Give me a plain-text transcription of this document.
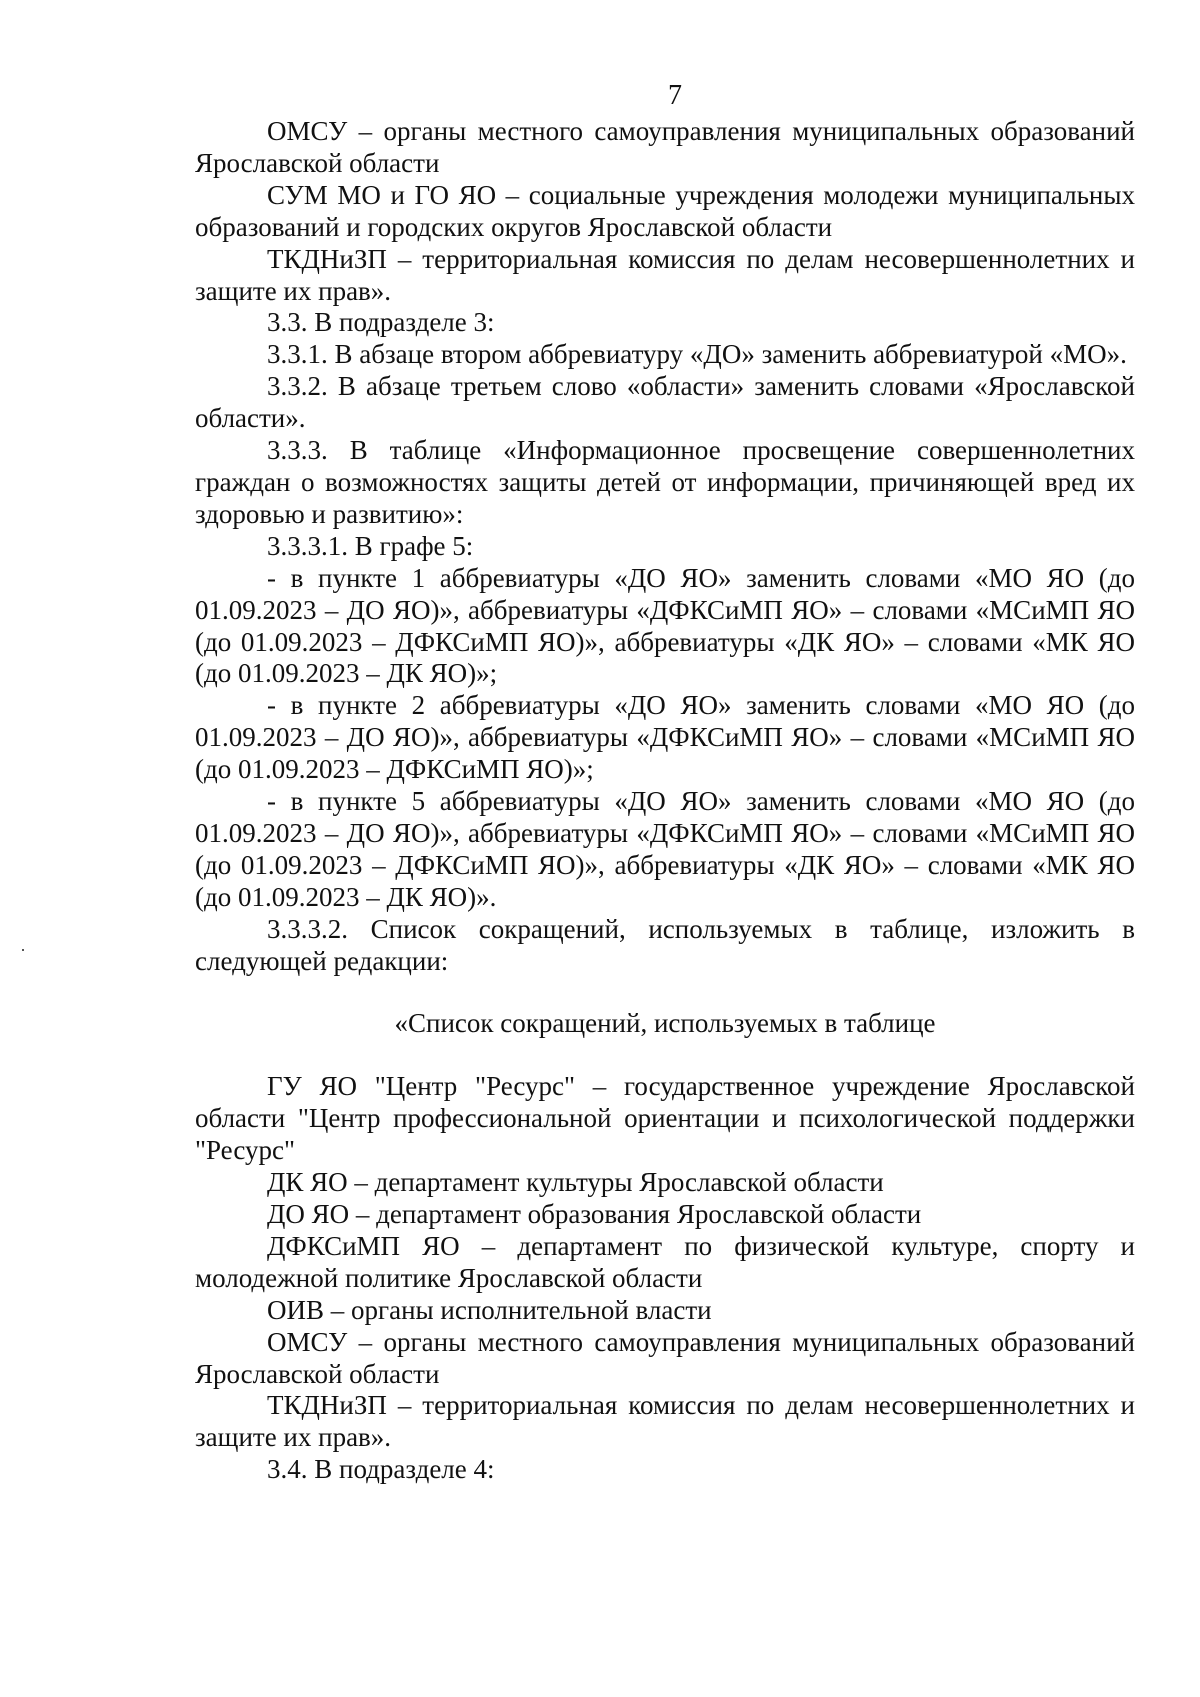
7

ОМСУ – органы местного самоуправления муниципальных образований Ярославской области

СУМ МО и ГО ЯО – социальные учреждения молодежи муниципальных образований и городских округов Ярославской области

ТКДНиЗП – территориальная комиссия по делам несовершеннолетних и защите их прав».

3.3. В подразделе 3:

3.3.1. В абзаце втором аббревиатуру «ДО» заменить аббревиатурой «МО».

3.3.2. В абзаце третьем слово «области» заменить словами «Ярославской области».

3.3.3. В таблице «Информационное просвещение совершеннолетних граждан о возможностях защиты детей от информации, причиняющей вред их здоровью и развитию»:

3.3.3.1. В графе 5:

- в пункте 1 аббревиатуры «ДО ЯО» заменить словами «МО ЯО (до 01.09.2023 – ДО ЯО)», аббревиатуры «ДФКСиМП ЯО» – словами «МСиМП ЯО (до 01.09.2023 – ДФКСиМП ЯО)», аббревиатуры «ДК ЯО» – словами «МК ЯО (до 01.09.2023 – ДК ЯО)»;

- в пункте 2 аббревиатуры «ДО ЯО» заменить словами «МО ЯО (до 01.09.2023 – ДО ЯО)», аббревиатуры «ДФКСиМП ЯО» – словами «МСиМП ЯО (до 01.09.2023 – ДФКСиМП ЯО)»;

- в пункте 5 аббревиатуры «ДО ЯО» заменить словами «МО ЯО (до 01.09.2023 – ДО ЯО)», аббревиатуры «ДФКСиМП ЯО» – словами «МСиМП ЯО (до 01.09.2023 – ДФКСиМП ЯО)», аббревиатуры «ДК ЯО» – словами «МК ЯО (до 01.09.2023 – ДК ЯО)».

3.3.3.2. Список сокращений, используемых в таблице, изложить в следующей редакции:

«Список сокращений, используемых в таблице

ГУ ЯО "Центр "Ресурс" – государственное учреждение Ярославской области "Центр профессиональной ориентации и психологической поддержки "Ресурс"

ДК ЯО – департамент культуры Ярославской области

ДО ЯО – департамент образования Ярославской области

ДФКСиМП ЯО – департамент по физической культуре, спорту и молодежной политике Ярославской области

ОИВ – органы исполнительной власти

ОМСУ – органы местного самоуправления муниципальных образований Ярославской области

ТКДНиЗП – территориальная комиссия по делам несовершеннолетних и защите их прав».

3.4. В подразделе 4:
